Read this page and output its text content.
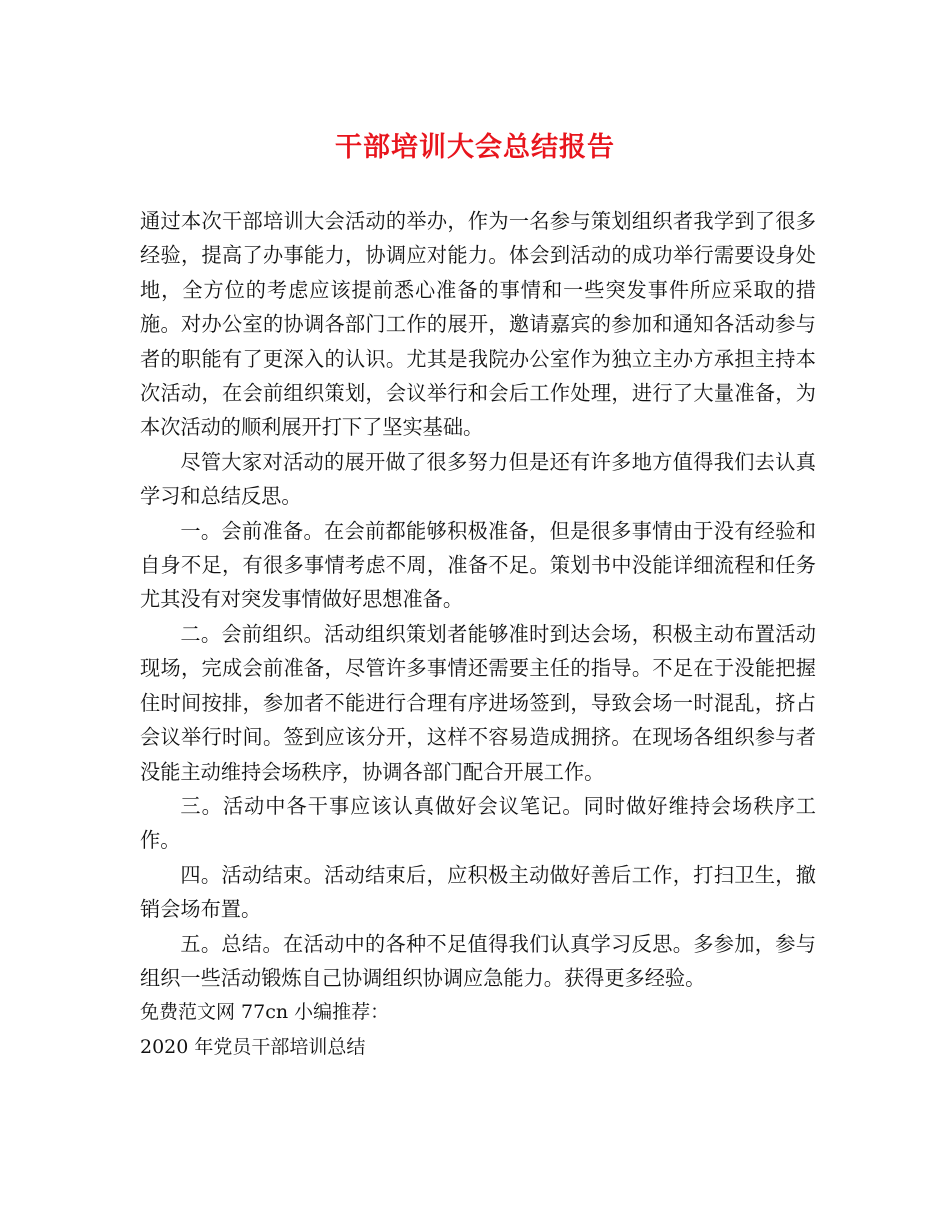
干部培训大会总结报告

通过本次干部培训大会活动的举办，作为一名参与策划组织者我学到了很多经验，提高了办事能力，协调应对能力。体会到活动的成功举行需要设身处地，全方位的考虑应该提前悉心准备的事情和一些突发事件所应采取的措施。对办公室的协调各部门工作的展开，邀请嘉宾的参加和通知各活动参与者的职能有了更深入的认识。尤其是我院办公室作为独立主办方承担主持本次活动，在会前组织策划，会议举行和会后工作处理，进行了大量准备，为本次活动的顺利展开打下了坚实基础。

尽管大家对活动的展开做了很多努力但是还有许多地方值得我们去认真学习和总结反思。

一。会前准备。在会前都能够积极准备，但是很多事情由于没有经验和自身不足，有很多事情考虑不周，准备不足。策划书中没能详细流程和任务尤其没有对突发事情做好思想准备。

二。会前组织。活动组织策划者能够准时到达会场，积极主动布置活动现场，完成会前准备，尽管许多事情还需要主任的指导。不足在于没能把握住时间按排，参加者不能进行合理有序进场签到，导致会场一时混乱，挤占会议举行时间。签到应该分开，这样不容易造成拥挤。在现场各组织参与者没能主动维持会场秩序，协调各部门配合开展工作。

三。活动中各干事应该认真做好会议笔记。同时做好维持会场秩序工作。

四。活动结束。活动结束后，应积极主动做好善后工作，打扫卫生，撤销会场布置。

五。总结。在活动中的各种不足值得我们认真学习反思。多参加，参与组织一些活动锻炼自己协调组织协调应急能力。获得更多经验。

免费范文网 77cn 小编推荐：

2020 年党员干部培训总结
